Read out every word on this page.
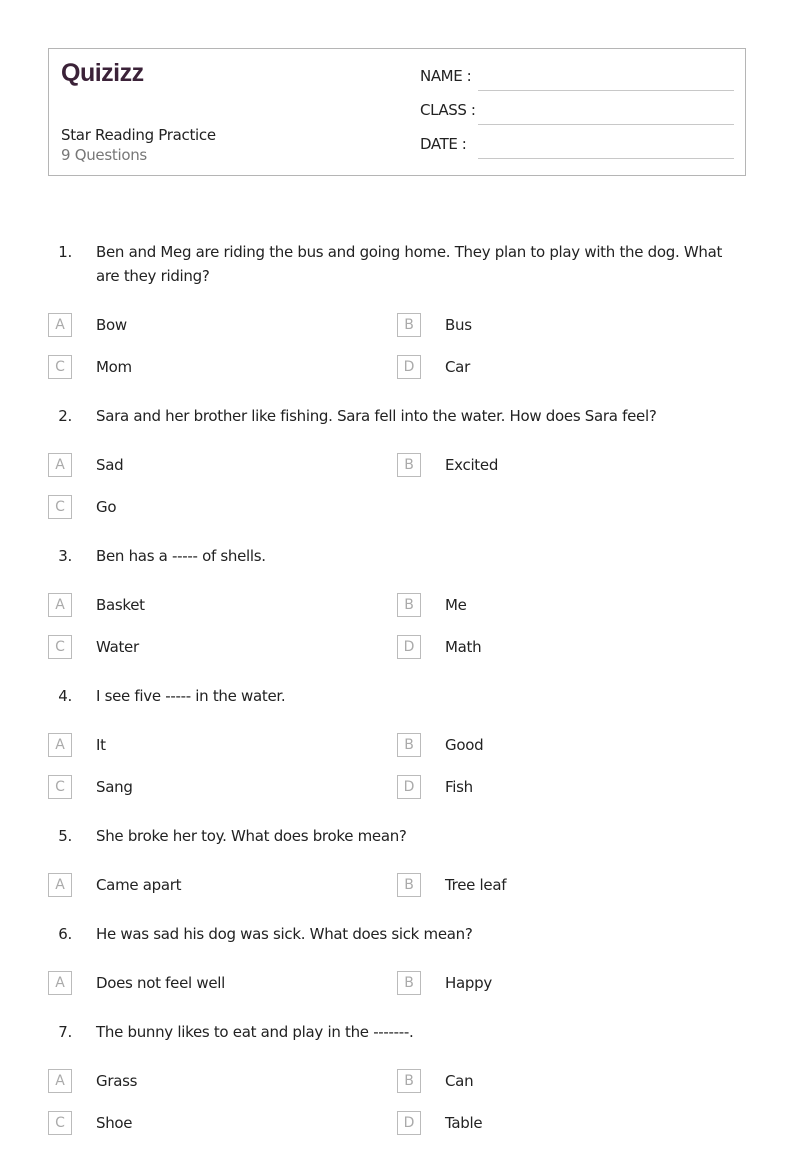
Quizizz
Star Reading Practice
9 Questions
NAME :
CLASS :
DATE :
1. Ben and Meg are riding the bus and going home. They plan to play with the dog. What are they riding?
A	Bow	B	Bus
C	Mom	D	Car
2. Sara and her brother like fishing. Sara fell into the water. How does Sara feel?
A	Sad	B	Excited
C	Go
3. Ben has a ----- of shells.
A	Basket	B	Me
C	Water	D	Math
4. I see five ----- in the water.
A	It	B	Good
C	Sang	D	Fish
5. She broke her toy. What does broke mean?
A	Came apart	B	Tree leaf
6. He was sad his dog was sick. What does sick mean?
A	Does not feel well	B	Happy
7. The bunny likes to eat and play in the -------.
A	Grass	B	Can
C	Shoe	D	Table
